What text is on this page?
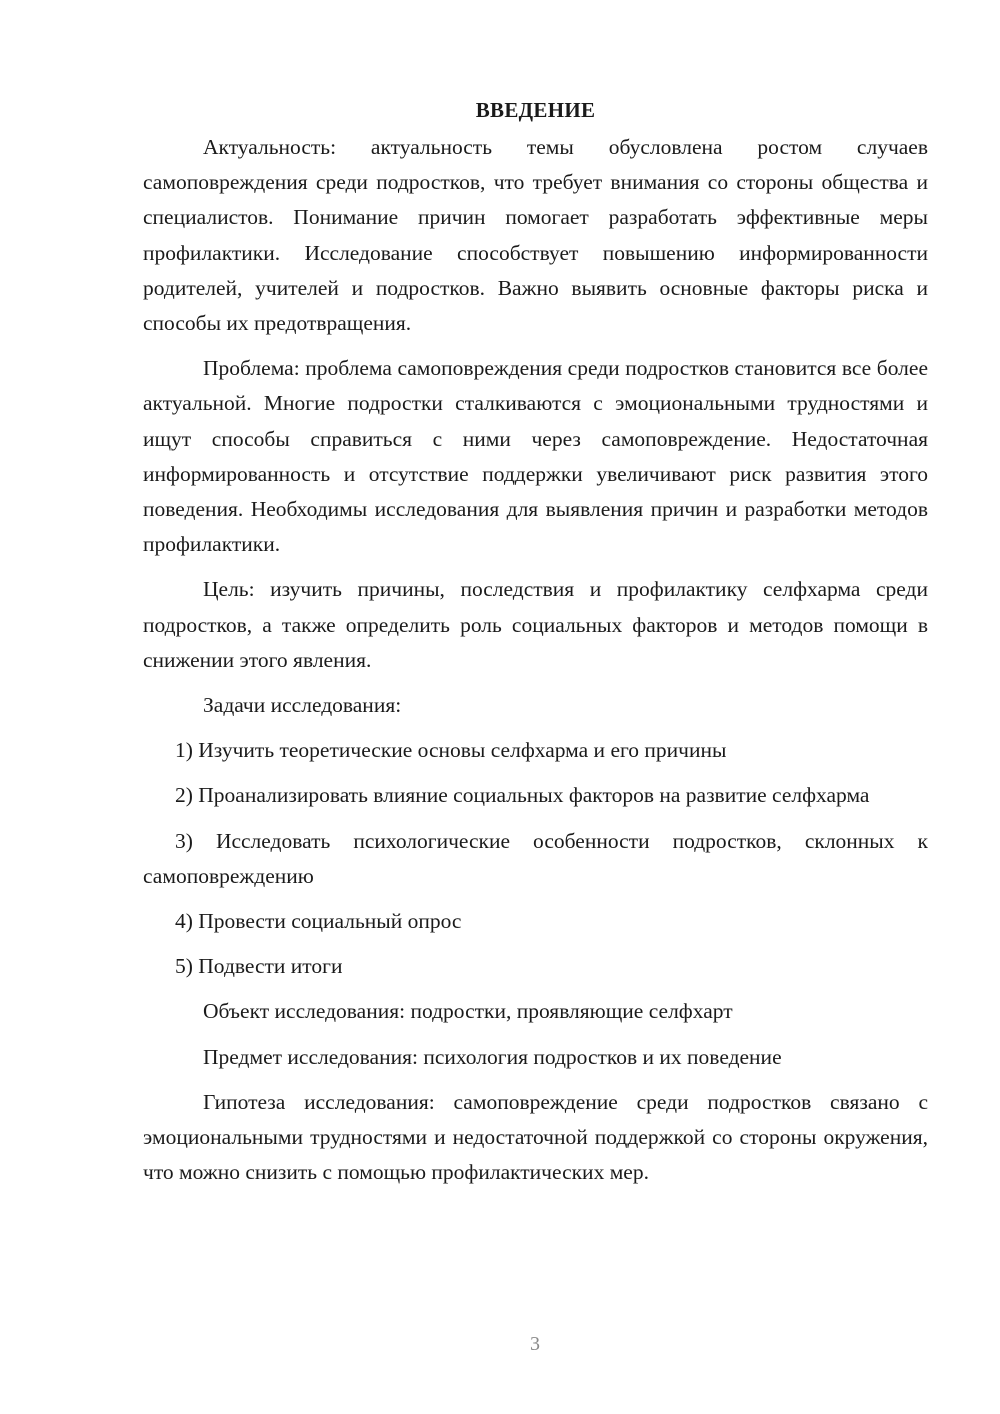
ВВЕДЕНИЕ

Актуальность: актуальность темы обусловлена ростом случаев самоповреждения среди подростков, что требует внимания со стороны общества и специалистов. Понимание причин помогает разработать эффективные меры профилактики. Исследование способствует повышению информированности родителей, учителей и подростков. Важно выявить основные факторы риска и способы их предотвращения.

Проблема: проблема самоповреждения среди подростков становится все более актуальной. Многие подростки сталкиваются с эмоциональными трудностями и ищут способы справиться с ними через самоповреждение. Недостаточная информированность и отсутствие поддержки увеличивают риск развития этого поведения. Необходимы исследования для выявления причин и разработки методов профилактики.

Цель: изучить причины, последствия и профилактику селфхарма среди подростков, а также определить роль социальных факторов и методов помощи в снижении этого явления.

Задачи исследования:

1) Изучить теоретические основы селфхарма и его причины

2) Проанализировать влияние социальных факторов на развитие селфхарма

3) Исследовать психологические особенности подростков, склонных к самоповреждению

4) Провести социальный опрос

5) Подвести итоги

Объект исследования: подростки, проявляющие селфхарт

Предмет исследования: психология подростков и их поведение

Гипотеза исследования: самоповреждение среди подростков связано с эмоциональными трудностями и недостаточной поддержкой со стороны окружения, что можно снизить с помощью профилактических мер.

3
